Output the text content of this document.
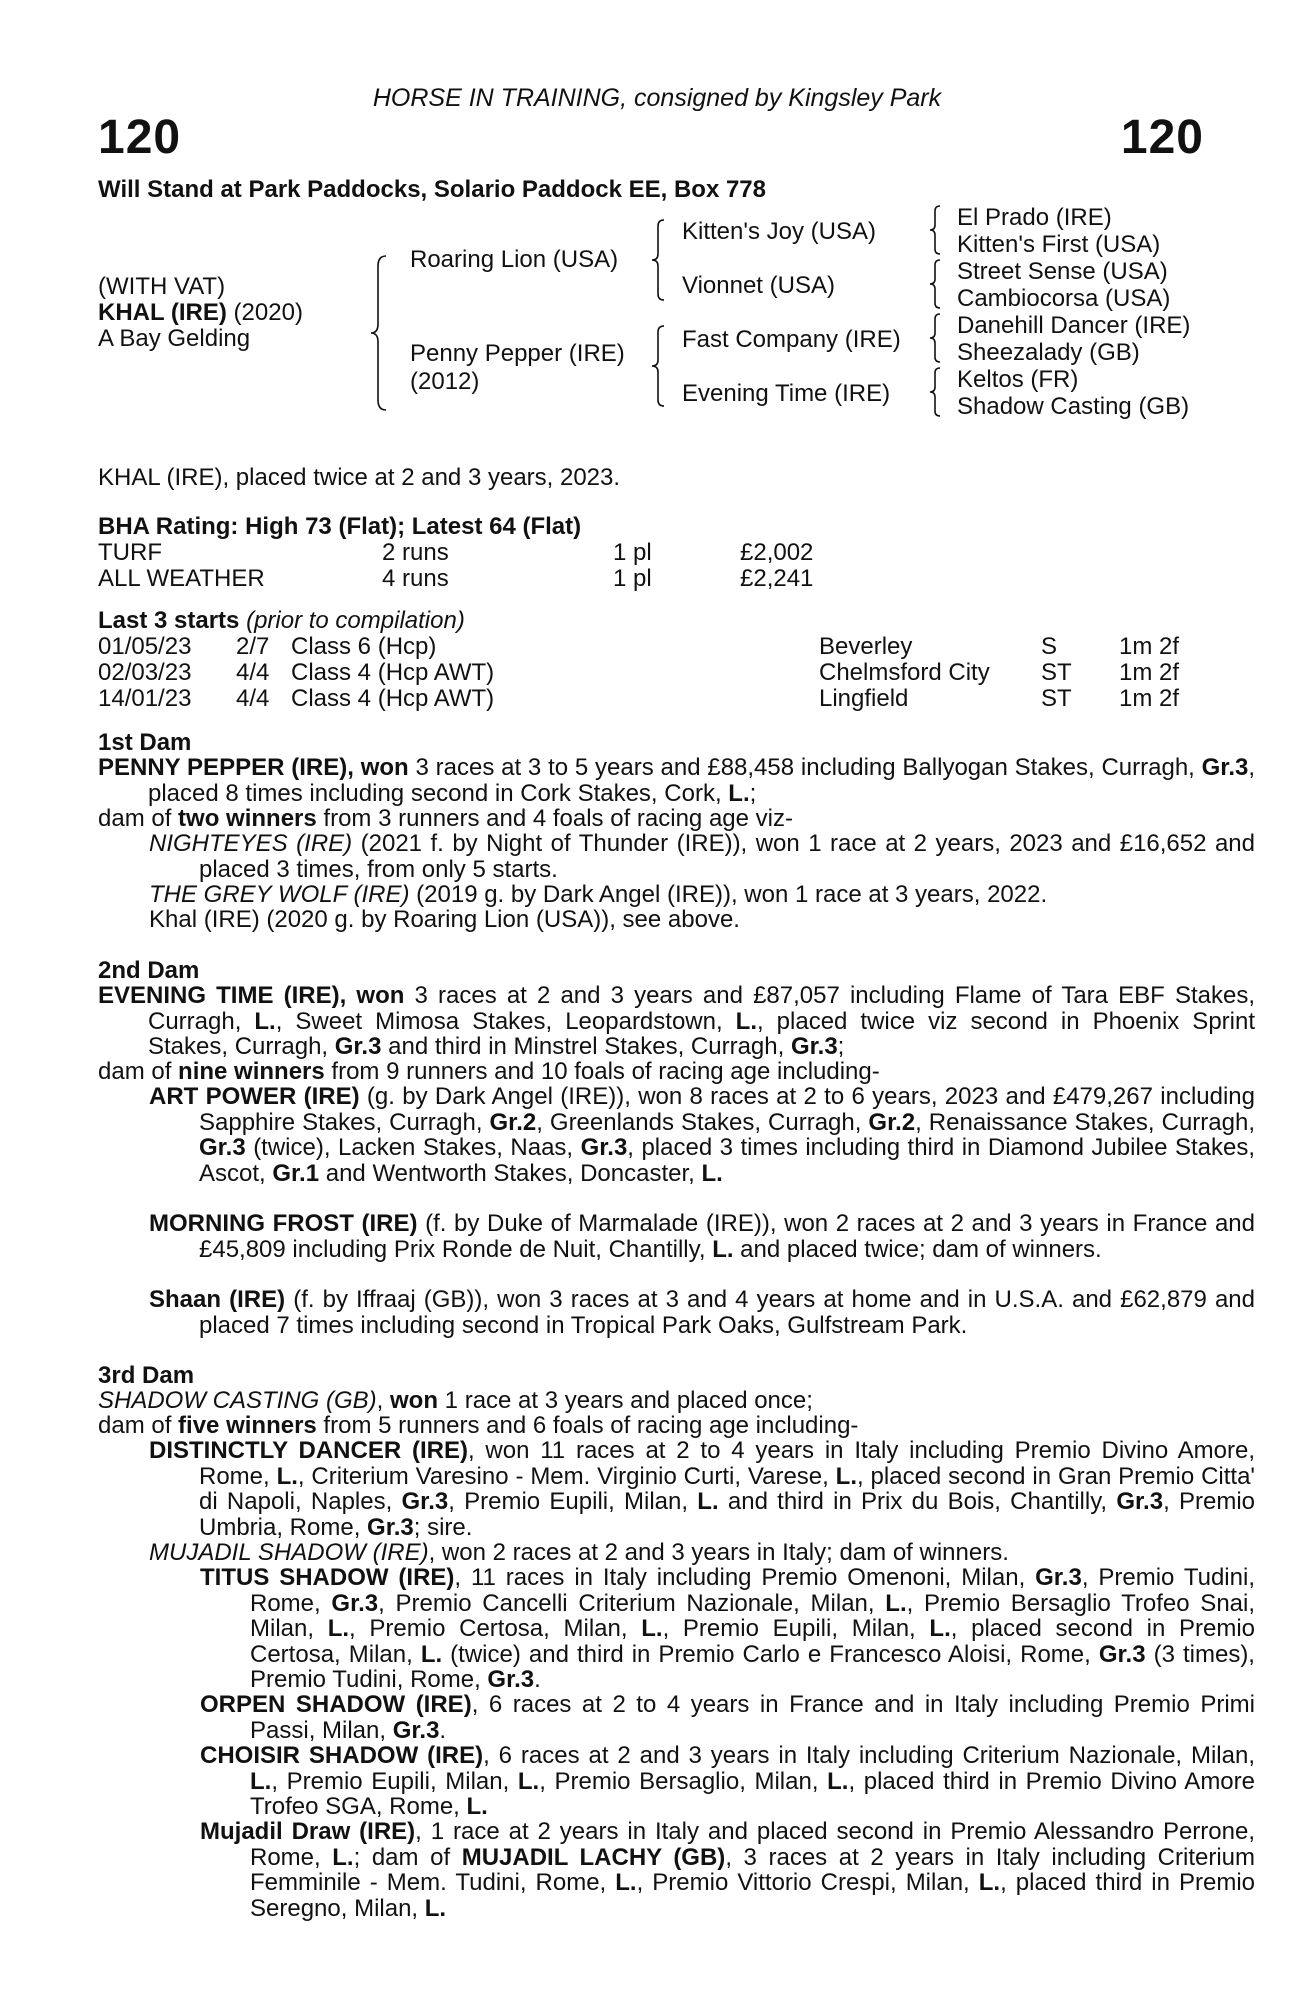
HORSE IN TRAINING, consigned by Kingsley Park
120	120
Will Stand at Park Paddocks, Solario Paddock EE, Box 778
(WITH VAT)
KHAL (IRE) (2020)
A Bay Gelding
Roaring Lion (USA)
Penny Pepper (IRE)
(2012)
Kitten's Joy (USA)
Vionnet (USA)
Fast Company (IRE)
Evening Time (IRE)
El Prado (IRE)
Kitten's First (USA)
Street Sense (USA)
Cambiocorsa (USA)
Danehill Dancer (IRE)
Sheezalady (GB)
Keltos (FR)
Shadow Casting (GB)
KHAL (IRE), placed twice at 2 and 3 years, 2023.
BHA Rating: High 73 (Flat); Latest 64 (Flat)
TURF	2 runs	1 pl	£2,002
ALL WEATHER	4 runs	1 pl	£2,241
Last 3 starts (prior to compilation)
01/05/23 2/7 Class 6 (Hcp)	Beverley	S	1m 2f
02/03/23 4/4 Class 4 (Hcp AWT)	Chelmsford City ST 1m 2f
14/01/23 4/4 Class 4 (Hcp AWT)	Lingfield	ST 1m 2f
1st Dam
PENNY PEPPER (IRE), won 3 races at 3 to 5 years and £88,458 including Ballyogan Stakes, Curragh, Gr.3, placed 8 times including second in Cork Stakes, Cork, L.;
dam of two winners from 3 runners and 4 foals of racing age viz-
NIGHTEYES (IRE) (2021 f. by Night of Thunder (IRE)), won 1 race at 2 years, 2023 and £16,652 and placed 3 times, from only 5 starts.
THE GREY WOLF (IRE) (2019 g. by Dark Angel (IRE)), won 1 race at 3 years, 2022.
Khal (IRE) (2020 g. by Roaring Lion (USA)), see above.
2nd Dam
EVENING TIME (IRE), won 3 races at 2 and 3 years and £87,057 including Flame of Tara EBF Stakes, Curragh, L., Sweet Mimosa Stakes, Leopardstown, L., placed twice viz second in Phoenix Sprint Stakes, Curragh, Gr.3 and third in Minstrel Stakes, Curragh, Gr.3;
dam of nine winners from 9 runners and 10 foals of racing age including-
ART POWER (IRE) (g. by Dark Angel (IRE)), won 8 races at 2 to 6 years, 2023 and £479,267 including Sapphire Stakes, Curragh, Gr.2, Greenlands Stakes, Curragh, Gr.2, Renaissance Stakes, Curragh, Gr.3 (twice), Lacken Stakes, Naas, Gr.3, placed 3 times including third in Diamond Jubilee Stakes, Ascot, Gr.1 and Wentworth Stakes, Doncaster, L.
MORNING FROST (IRE) (f. by Duke of Marmalade (IRE)), won 2 races at 2 and 3 years in France and £45,809 including Prix Ronde de Nuit, Chantilly, L. and placed twice; dam of winners.
Shaan (IRE) (f. by Iffraaj (GB)), won 3 races at 3 and 4 years at home and in U.S.A. and £62,879 and placed 7 times including second in Tropical Park Oaks, Gulfstream Park.
3rd Dam
SHADOW CASTING (GB), won 1 race at 3 years and placed once;
dam of five winners from 5 runners and 6 foals of racing age including-
DISTINCTLY DANCER (IRE), won 11 races at 2 to 4 years in Italy including Premio Divino Amore, Rome, L., Criterium Varesino - Mem. Virginio Curti, Varese, L., placed second in Gran Premio Citta' di Napoli, Naples, Gr.3, Premio Eupili, Milan, L. and third in Prix du Bois, Chantilly, Gr.3, Premio Umbria, Rome, Gr.3; sire.
MUJADIL SHADOW (IRE), won 2 races at 2 and 3 years in Italy; dam of winners.
TITUS SHADOW (IRE), 11 races in Italy including Premio Omenoni, Milan, Gr.3, Premio Tudini, Rome, Gr.3, Premio Cancelli Criterium Nazionale, Milan, L., Premio Bersaglio Trofeo Snai, Milan, L., Premio Certosa, Milan, L., Premio Eupili, Milan, L., placed second in Premio Certosa, Milan, L. (twice) and third in Premio Carlo e Francesco Aloisi, Rome, Gr.3 (3 times), Premio Tudini, Rome, Gr.3.
ORPEN SHADOW (IRE), 6 races at 2 to 4 years in France and in Italy including Premio Primi Passi, Milan, Gr.3.
CHOISIR SHADOW (IRE), 6 races at 2 and 3 years in Italy including Criterium Nazionale, Milan, L., Premio Eupili, Milan, L., Premio Bersaglio, Milan, L., placed third in Premio Divino Amore Trofeo SGA, Rome, L.
Mujadil Draw (IRE), 1 race at 2 years in Italy and placed second in Premio Alessandro Perrone, Rome, L.; dam of MUJADIL LACHY (GB), 3 races at 2 years in Italy including Criterium Femminile - Mem. Tudini, Rome, L., Premio Vittorio Crespi, Milan, L., placed third in Premio Seregno, Milan, L.
